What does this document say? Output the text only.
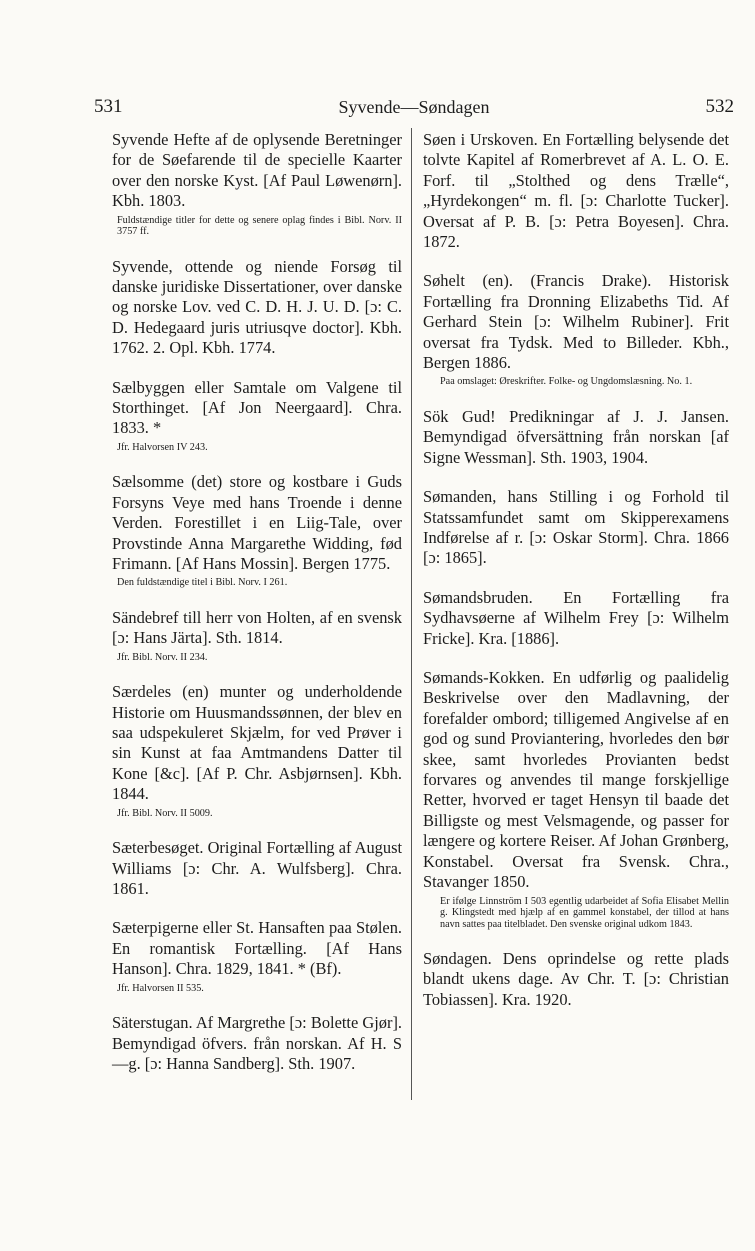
531	Syvende—Søndagen	532
Syvende Hefte af de oplysende Beretninger for de Søefarende til de specielle Kaarter over den norske Kyst. [Af Paul Løwenørn]. Kbh. 1803.
Fuldstændige titler for dette og senere oplag findes i Bibl. Norv. II 3757 ff.
Syvende, ottende og niende Forsøg til danske juridiske Dissertationer, over danske og norske Lov. ved C. D. H. J. U. D. [ɔ: C. D. Hedegaard juris utriusqve doctor]. Kbh. 1762. 2. Opl. Kbh. 1774.
Sælbyggen eller Samtale om Valgene til Storthinget. [Af Jon Neergaard]. Chra. 1833. *
Jfr. Halvorsen IV 243.
Sælsomme (det) store og kostbare i Guds Forsyns Veye med hans Troende i denne Verden. Forestillet i en Liig-Tale, over Provstinde Anna Margarethe Widding, fød Frimann. [Af Hans Mossin]. Bergen 1775.
Den fuldstændige titel i Bibl. Norv. I 261.
Sändebref till herr von Holten, af en svensk [ɔ: Hans Järta]. Sth. 1814.
Jfr. Bibl. Norv. II 234.
Særdeles (en) munter og underholdende Historie om Huusmandssønnen, der blev en saa udspekuleret Skjælm, for ved Prøver i sin Kunst at faa Amtmandens Datter til Kone [&c]. [Af P. Chr. Asbjørnsen]. Kbh. 1844.
Jfr. Bibl. Norv. II 5009.
Sæterbesøget. Original Fortælling af August Williams [ɔ: Chr. A. Wulfsberg]. Chra. 1861.
Sæterpigerne eller St. Hansaften paa Stølen. En romantisk Fortælling. [Af Hans Hanson]. Chra. 1829, 1841. * (Bf).
Jfr. Halvorsen II 535.
Säterstugan. Af Margrethe [ɔ: Bolette Gjør]. Bemyndigad öfvers. från norskan. Af H. S—g. [ɔ: Hanna Sandberg]. Sth. 1907.
Søen i Urskoven. En Fortælling belysende det tolvte Kapitel af Romerbrevet af A. L. O. E. Forf. til „Stolthed og dens Trælle“, „Hyrdekongen“ m. fl. [ɔ: Charlotte Tucker]. Oversat af P. B. [ɔ: Petra Boyesen]. Chra. 1872.
Søhelt (en). (Francis Drake). Historisk Fortælling fra Dronning Elizabeths Tid. Af Gerhard Stein [ɔ: Wilhelm Rubiner]. Frit oversat fra Tydsk. Med to Billeder. Kbh., Bergen 1886.
Paa omslaget: Øreskrifter. Folke- og Ungdomslæsning. No. 1.
Sök Gud! Predikningar af J. J. Jansen. Bemyndigad öfversättning från norskan [af Signe Wessman]. Sth. 1903, 1904.
Sømanden, hans Stilling i og Forhold til Statssamfundet samt om Skipperexamens Indførelse af r. [ɔ: Oskar Storm]. Chra. 1866 [ɔ: 1865].
Sømandsbruden. En Fortælling fra Sydhavsøerne af Wilhelm Frey [ɔ: Wilhelm Fricke]. Kra. [1886].
Sømands-Kokken. En udførlig og paalidelig Beskrivelse over den Madlavning, der forefalder ombord; tilligemed Angivelse af en god og sund Proviantering, hvorledes den bør skee, samt hvorledes Provianten bedst forvares og anvendes til mange forskjellige Retter, hvorved er taget Hensyn til baade det Billigste og mest Velsmagende, og passer for længere og kortere Reiser. Af Johan Grønberg, Konstabel. Oversat fra Svensk. Chra., Stavanger 1850.
Er ifølge Linnström I 503 egentlig udarbeidet af Sofia Elisabet Mellin g. Klingstedt med hjælp af en gammel konstabel, der tillod at hans navn sattes paa titelbladet. Den svenske original udkom 1843.
Søndagen. Dens oprindelse og rette plads blandt ukens dage. Av Chr. T. [ɔ: Christian Tobiassen]. Kra. 1920.
